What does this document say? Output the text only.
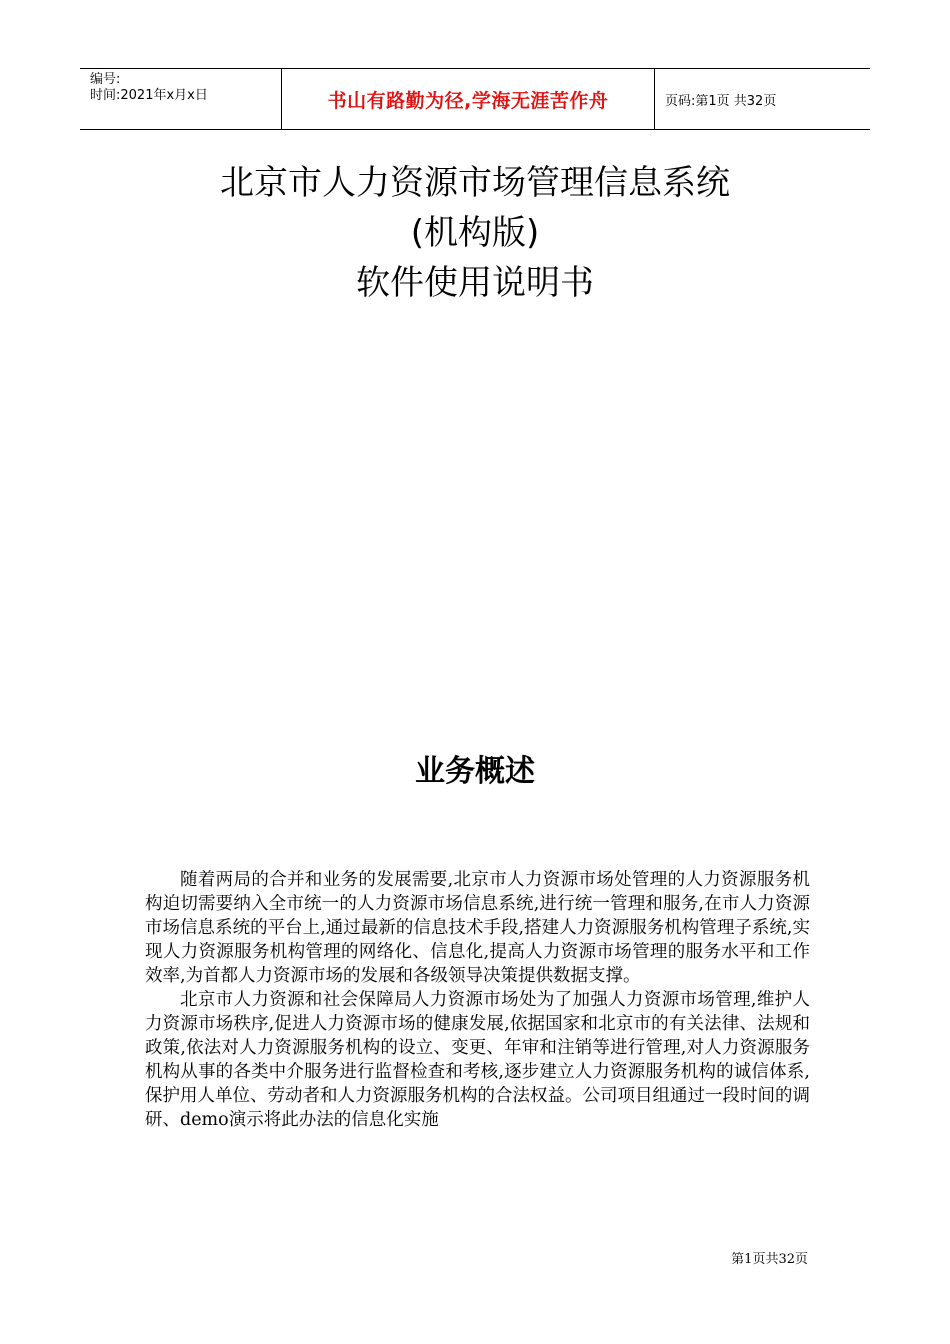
编号:
时间:2021年x月x日	书山有路勤为径,学海无涯苦作舟	页码:第1页 共32页
北京市人力资源市场管理信息系统
(机构版)
软件使用说明书
业务概述

随着两局的合并和业务的发展需要,北京市人力资源市场处管理的人力资源服务机构迫切需要纳入全市统一的人力资源市场信息系统,进行统一管理和服务,在市人力资源市场信息系统的平台上,通过最新的信息技术手段,搭建人力资源服务机构管理子系统,实现人力资源服务机构管理的网络化、信息化,提高人力资源市场管理的服务水平和工作效率,为首都人力资源市场的发展和各级领导决策提供数据支撑。

北京市人力资源和社会保障局人力资源市场处为了加强人力资源市场管理,维护人力资源市场秩序,促进人力资源市场的健康发展,依据国家和北京市的有关法律、法规和政策,依法对人力资源服务机构的设立、变更、年审和注销等进行管理,对人力资源服务机构从事的各类中介服务进行监督检查和考核,逐步建立人力资源服务机构的诚信体系,保护用人单位、劳动者和人力资源服务机构的合法权益。公司项目组通过一段时间的调研、demo演示将此办法的信息化实施

第1页共32页
